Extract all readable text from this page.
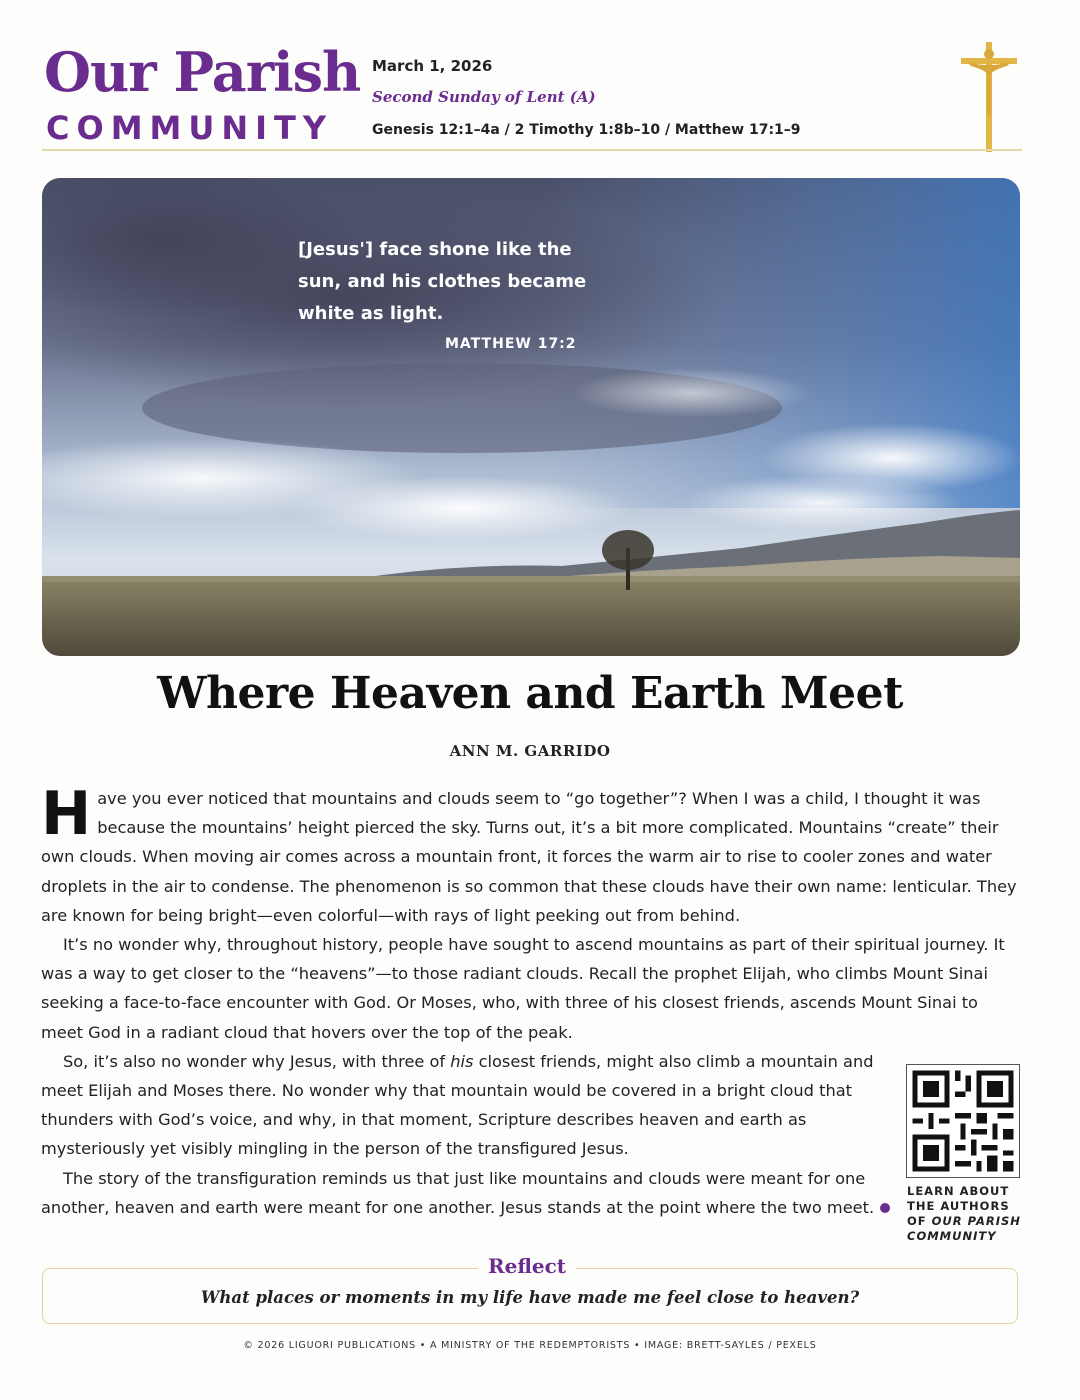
Our Parish
COMMUNITY
March 1, 2026
Second Sunday of Lent (A)
Genesis 12:1–4a / 2 Timothy 1:8b–10 / Matthew 17:1–9
[Jesus'] face shone like the sun, and his clothes became white as light.
MATTHEW 17:2
Where Heaven and Earth Meet
ANN M. GARRIDO

Have you ever noticed that mountains and clouds seem to “go together”? When I was a child, I thought it was because the mountains’ height pierced the sky. Turns out, it’s a bit more complicated. Mountains “create” their own clouds. When moving air comes across a mountain front, it forces the warm air to rise to cooler zones and water droplets in the air to condense. The phenomenon is so common that these clouds have their own name: lenticular. They are known for being bright—even colorful—with rays of light peeking out from behind.

It’s no wonder why, throughout history, people have sought to ascend mountains as part of their spiritual journey. It was a way to get closer to the “heavens”—to those radiant clouds. Recall the prophet Elijah, who climbs Mount Sinai seeking a face-to-face encounter with God. Or Moses, who, with three of his closest friends, ascends Mount Sinai to meet God in a radiant cloud that hovers over the top of the peak.

So, it’s also no wonder why Jesus, with three of his closest friends, might also climb a mountain and meet Elijah and Moses there. No wonder why that mountain would be covered in a bright cloud that thunders with God’s voice, and why, in that moment, Scripture describes heaven and earth as mysteriously yet visibly mingling in the person of the transfigured Jesus.

The story of the transfiguration reminds us that just like mountains and clouds were meant for one another, heaven and earth were meant for one another. Jesus stands at the point where the two meet.

LEARN ABOUT
THE AUTHORS
OF OUR PARISH
COMMUNITY
Reflect
What places or moments in my life have made me feel close to heaven?
© 2026 LIGUORI PUBLICATIONS • A MINISTRY OF THE REDEMPTORISTS • IMAGE: BRETT-SAYLES / PEXELS
